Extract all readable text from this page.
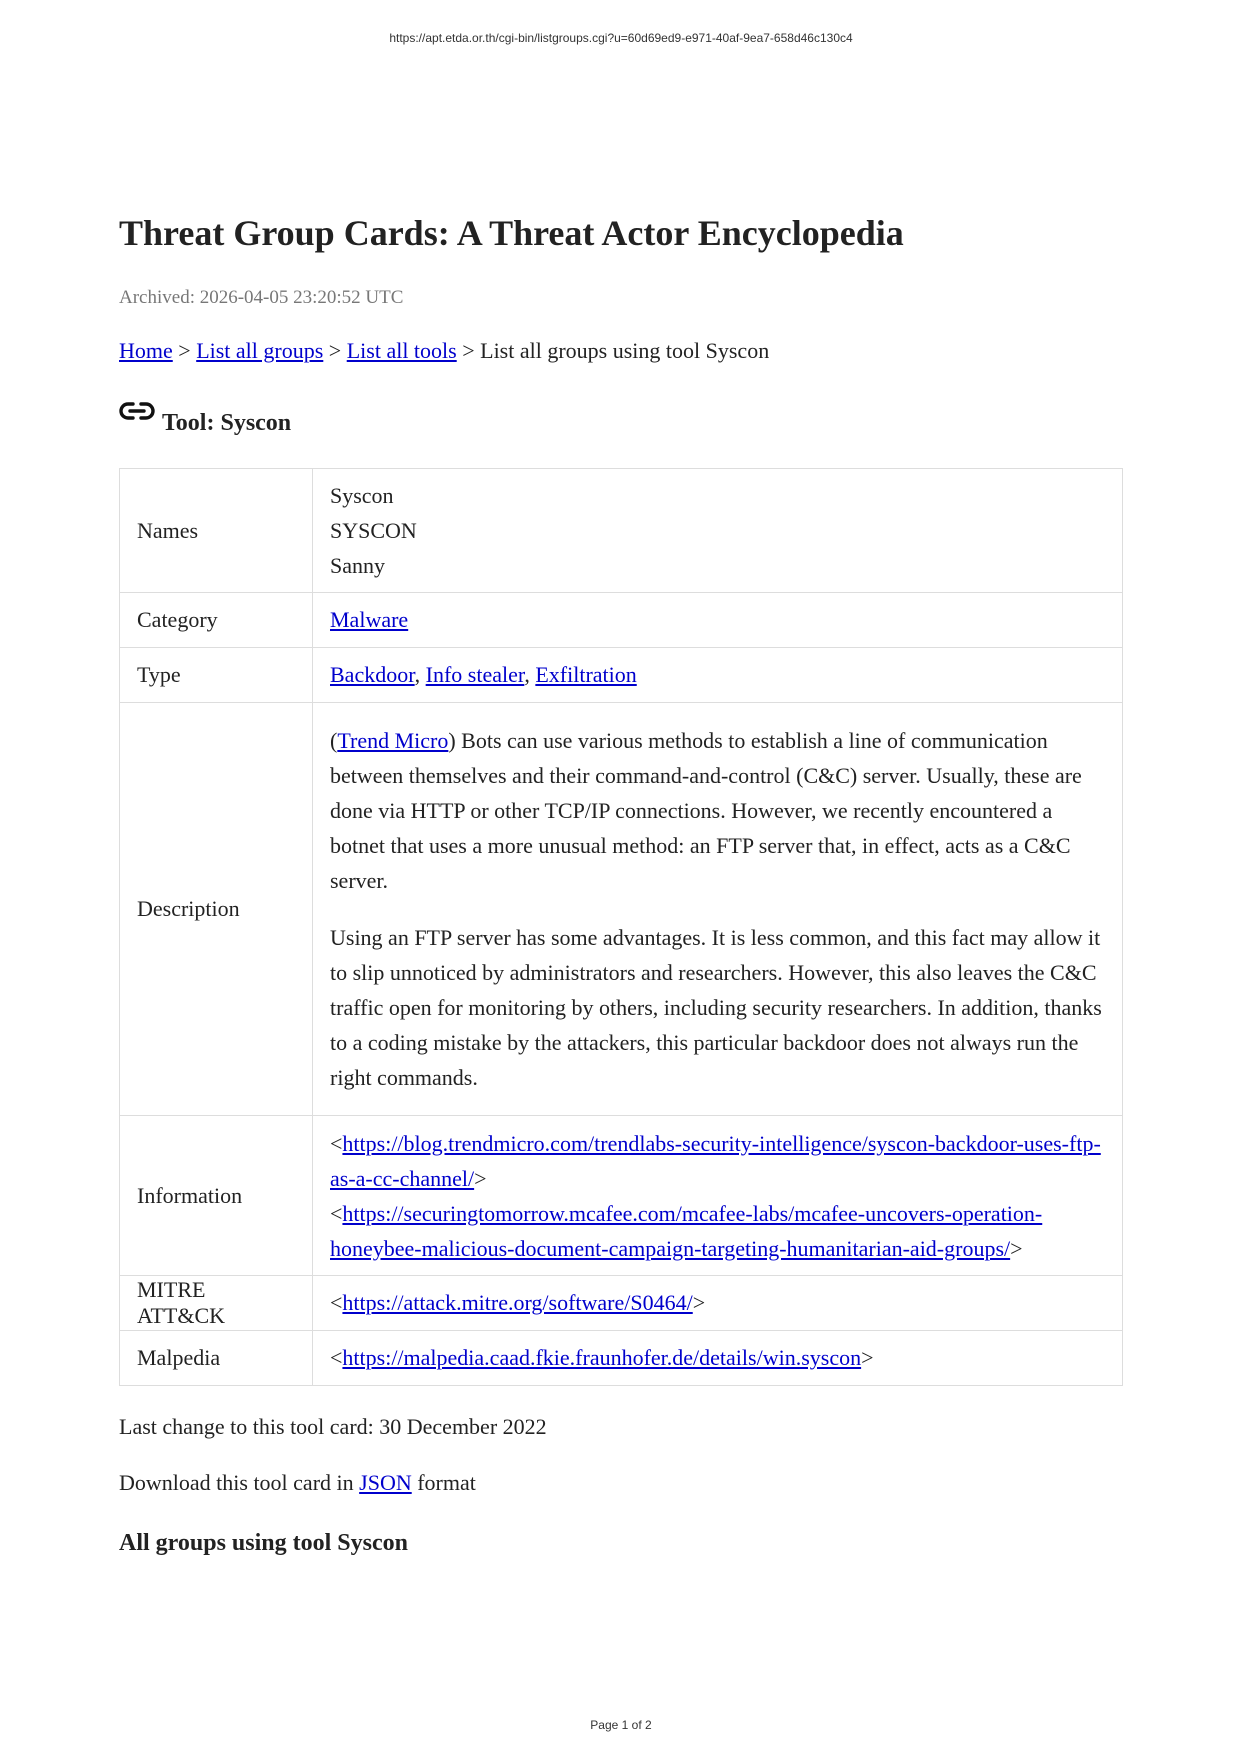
https://apt.etda.or.th/cgi-bin/listgroups.cgi?u=60d69ed9-e971-40af-9ea7-658d46c130c4
Threat Group Cards: A Threat Actor Encyclopedia
Archived: 2026-04-05 23:20:52 UTC
Home > List all groups > List all tools > List all groups using tool Syscon
Tool: Syscon
Names	Syscon
SYSCON
Sanny

Category	Malware
Type	Backdoor, Info stealer, Exfiltration
Description	(Trend Micro) Bots can use various methods to establish a line of communication between themselves and their command-and-control (C&C) server. Usually, these are done via HTTP or other TCP/IP connections. However, we recently encountered a botnet that uses a more unusual method: an FTP server that, in effect, acts as a C&C server.

Using an FTP server has some advantages. It is less common, and this fact may allow it to slip unnoticed by administrators and researchers. However, this also leaves the C&C traffic open for monitoring by others, including security researchers. In addition, thanks to a coding mistake by the attackers, this particular backdoor does not always run the right commands.

Information	<https://blog.trendmicro.com/trendlabs-security-intelligence/syscon-backdoor-uses-ftp-as-a-cc-channel/>
<https://securingtomorrow.mcafee.com/mcafee-labs/mcafee-uncovers-operation-honeybee-malicious-document-campaign-targeting-humanitarian-aid-groups/>

MITRE ATT&CK	<https://attack.mitre.org/software/S0464/>
Malpedia	<https://malpedia.caad.fkie.fraunhofer.de/details/win.syscon>
Last change to this tool card: 30 December 2022
Download this tool card in JSON format
All groups using tool Syscon
Page 1 of 2
